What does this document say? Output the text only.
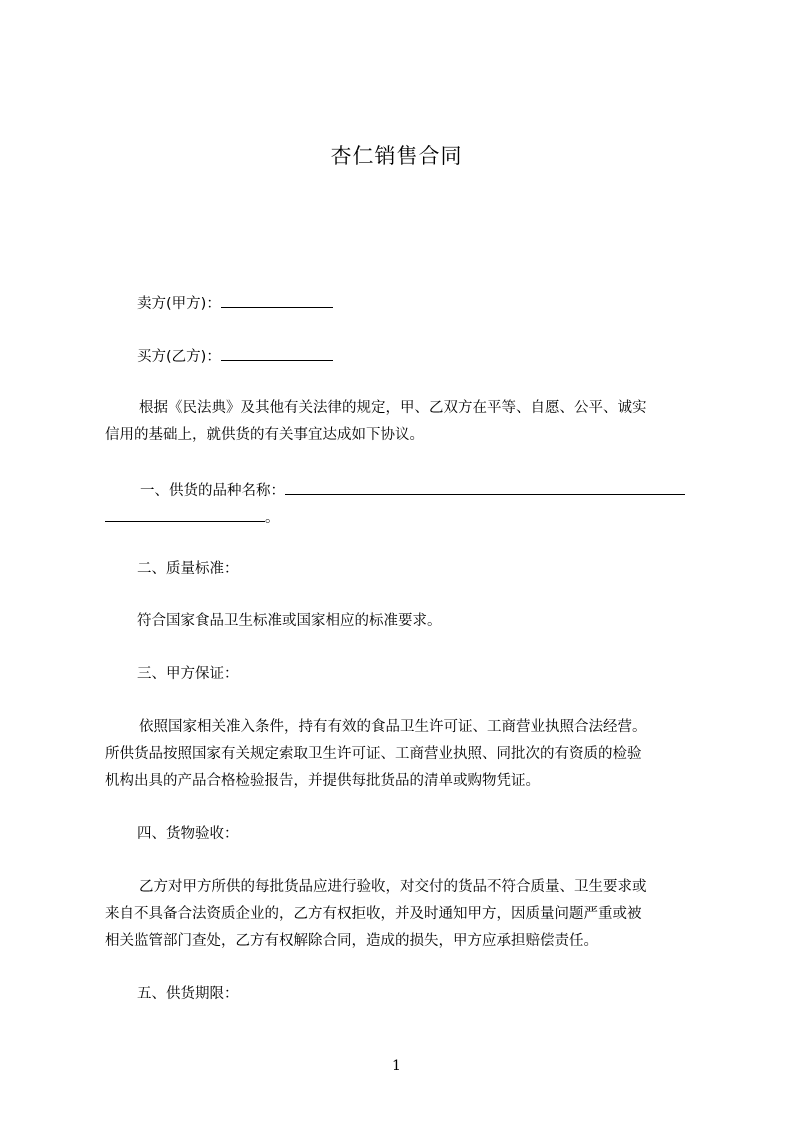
杏仁销售合同
卖方(甲方)：
买方(乙方)：
根据《民法典》及其他有关法律的规定，甲、乙双方在平等、自愿、公平、诚实
信用的基础上，就供货的有关事宜达成如下协议。
一、供货的品种名称：
。
二、质量标准：
符合国家食品卫生标准或国家相应的标准要求。
三、甲方保证：
依照国家相关准入条件，持有有效的食品卫生许可证、工商营业执照合法经营。
所供货品按照国家有关规定索取卫生许可证、工商营业执照、同批次的有资质的检验
机构出具的产品合格检验报告，并提供每批货品的清单或购物凭证。
四、货物验收：
乙方对甲方所供的每批货品应进行验收，对交付的货品不符合质量、卫生要求或
来自不具备合法资质企业的，乙方有权拒收，并及时通知甲方，因质量问题严重或被
相关监管部门查处，乙方有权解除合同，造成的损失，甲方应承担赔偿责任。
五、供货期限：
1
